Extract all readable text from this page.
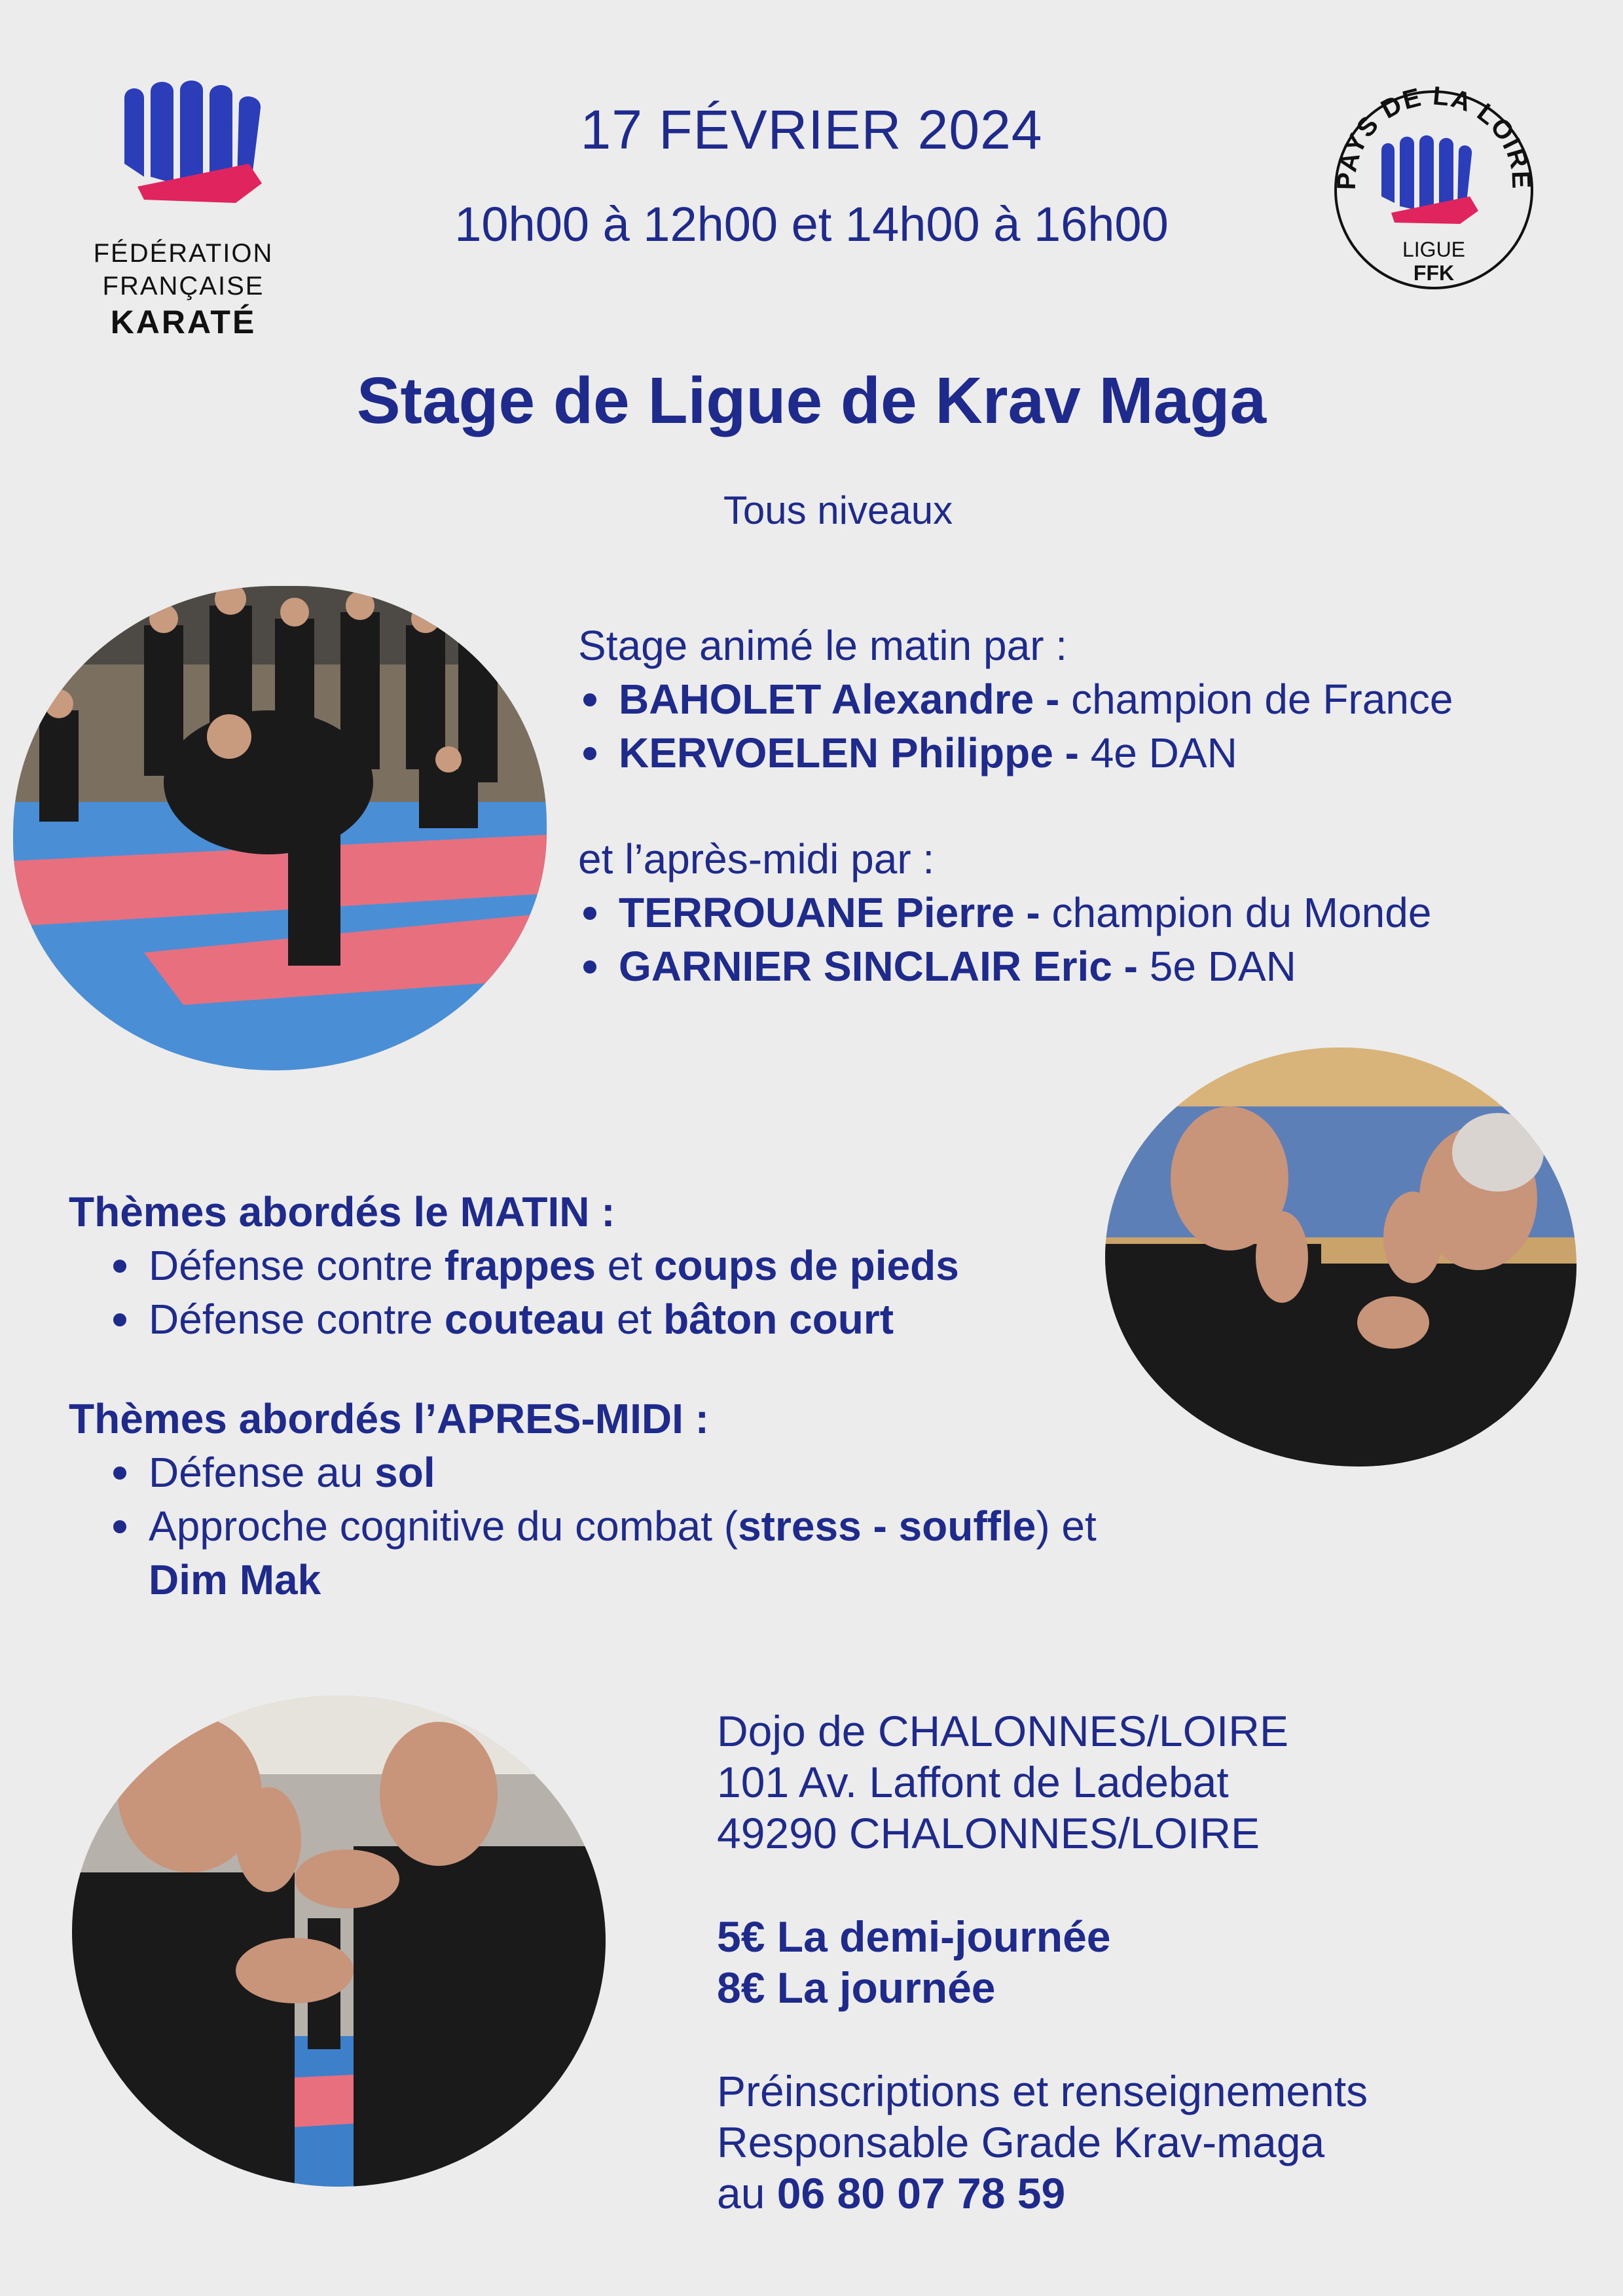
FÉDÉRATION
FRANÇAISE
KARATÉ
PAYS DE LA LOIRE
LIGUE
FFK
17 FÉVRIER 2024
10h00 à 12h00 et 14h00 à 16h00
Stage de Ligue de Krav Maga
Tous niveaux
Stage animé le matin par :
BAHOLET Alexandre - champion de France
KERVOELEN Philippe - 4e DAN
et l’après-midi par :
TERROUANE Pierre - champion du Monde
GARNIER SINCLAIR Eric - 5e DAN
Thèmes abordés le MATIN :
Défense contre frappes et coups de pieds
Défense contre couteau et bâton court
Thèmes abordés l’APRES-MIDI :
Défense au sol
Approche cognitive du combat (stress - souffle) et Dim Mak
Dojo de CHALONNES/LOIRE
101 Av. Laffont de Ladebat
49290 CHALONNES/LOIRE
5€ La demi-journée
8€ La journée
Préinscriptions et renseignements
Responsable Grade Krav-maga
au 06 80 07 78 59
